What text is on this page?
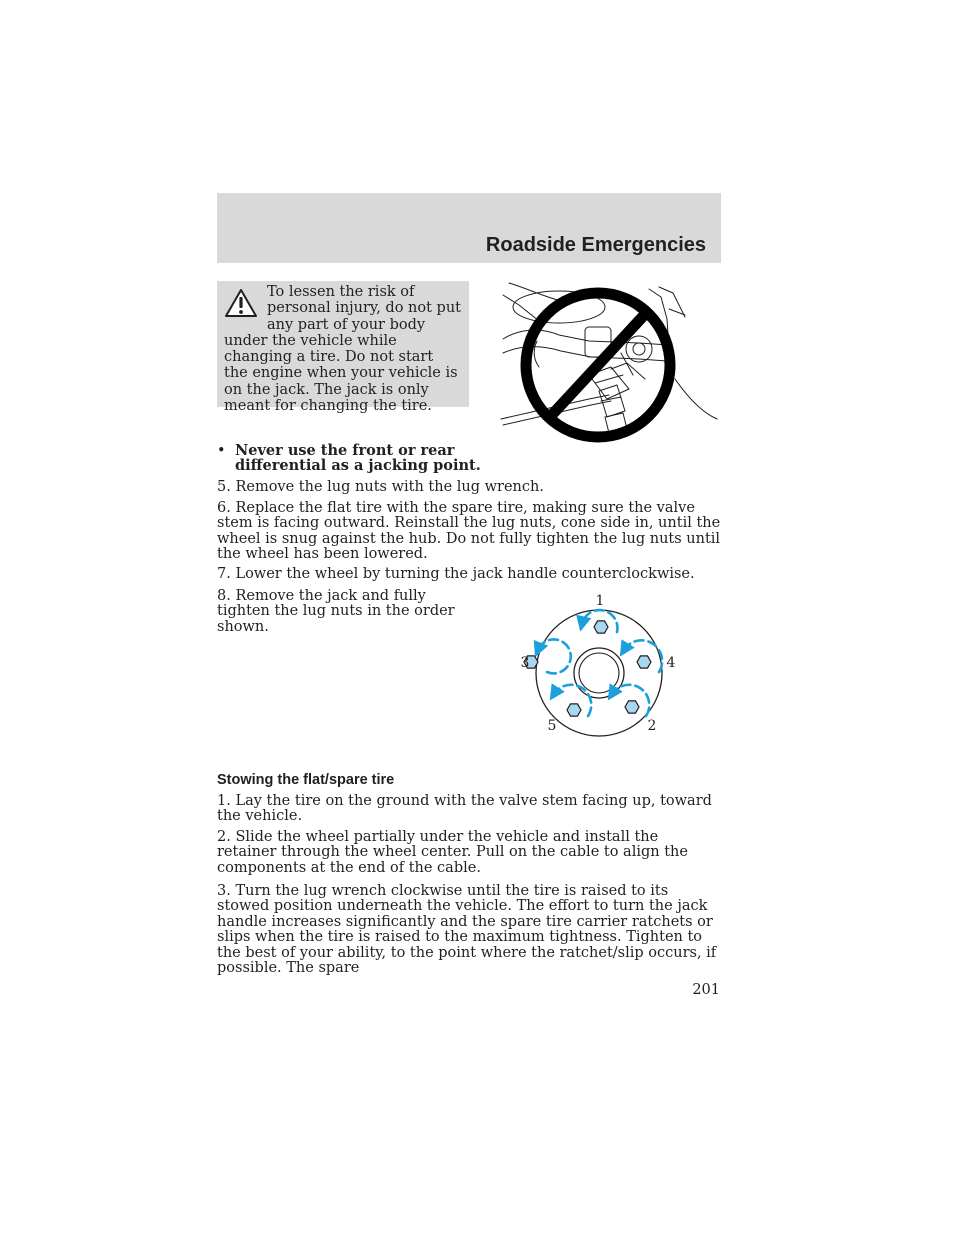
Roadside Emergencies

To lessen the risk of personal injury, do not put any part of your body under the vehicle while changing a tire. Do not start the engine when your vehicle is on the jack. The jack is only meant for changing the tire.

• Never use the front or rear differential as a jacking point.

5. Remove the lug nuts with the lug wrench.

6. Replace the flat tire with the spare tire, making sure the valve stem is facing outward. Reinstall the lug nuts, cone side in, until the wheel is snug against the hub. Do not fully tighten the lug nuts until the wheel has been lowered.

7. Lower the wheel by turning the jack handle counterclockwise.

8. Remove the jack and fully tighten the lug nuts in the order shown.

1
2
3	4
5
Stowing the flat/spare tire

1. Lay the tire on the ground with the valve stem facing up, toward the vehicle.

2. Slide the wheel partially under the vehicle and install the retainer through the wheel center. Pull on the cable to align the components at the end of the cable.

3. Turn the lug wrench clockwise until the tire is raised to its stowed position underneath the vehicle. The effort to turn the jack handle increases significantly and the spare tire carrier ratchets or slips when the tire is raised to the maximum tightness. Tighten to the best of your ability, to the point where the ratchet/slip occurs, if possible. The spare

201
